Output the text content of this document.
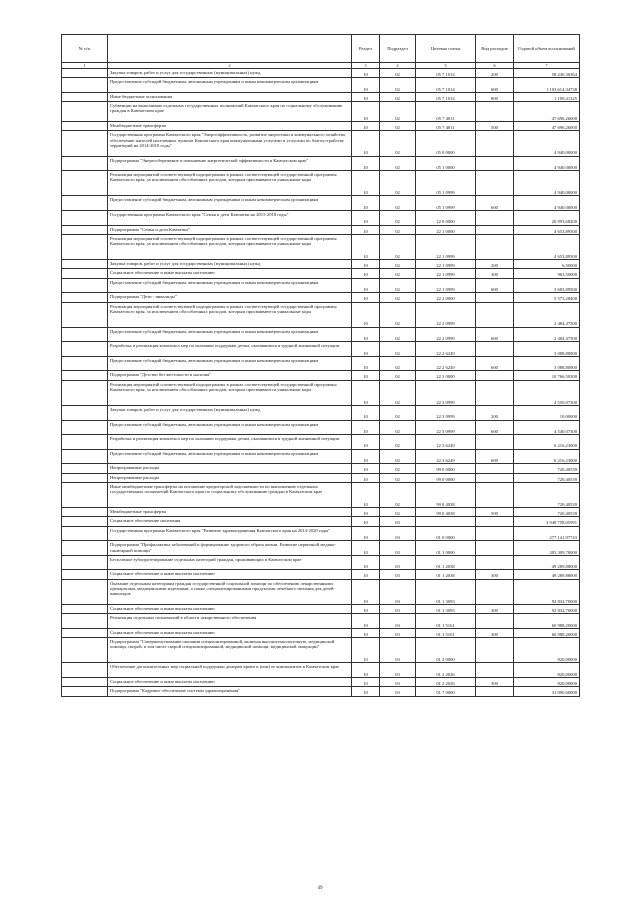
№ п/п		Раздел	Подраздел	Целевая статья	Вид расходов	Годовой объем ассигнований
1	2	3	4	5	6	7
	Закупка товаров, работ и услуг для государственных (муниципальных) нужд	10	02	05 7 1014	200	58 240,30364
	Предоставление субсидий бюджетным, автономным учреждениям и иным некоммерческим организациям	10	02	05 7 1014	600	1 103 614,34738
	Иные бюджетные ассигнования	10	02	05 7 1014	800	1 109,41325
	Субвенции на выполнение отдельных государственных полномочий Камчатского края по социальному обслуживанию граждан в Камчатском крае	10	02	05 7 4011		47 696,26000
	Межбюджетные трансферты	10	02	05 7 4011	500	47 696,26000
	Государственная программа Камчатского края "Энергоэффективность, развитие энергетики и коммунального хозяйства, обеспечение жителей населенных пунктов Камчатского края коммунальными услугами и услугами по благоустройству территорий на 2014-2018 годы"	10	02	05 0 0000		4 940,00000
	Подпрограмма "Энергосбережение и повышение энергетической эффективности в Камчатском крае"	10	02	05 1 0000		4 940,00000
	Реализация мероприятий соответствующей подпрограммы в рамках соответствующей государственной программы Камчатского края, за исключением обособленных расходов, которым присваиваются уникальные коды	10	02	05 1 0999		4 940,00000
	Предоставление субсидий бюджетным, автономным учреждениям и иным некоммерческим организациям	10	02	05 1 0999	600	4 940,00000
	Государственная программа Камчатского края "Семья и дети Камчатки на 2015-2018 годы"	10	02	22 0 0000		20 993,68200
	Подпрограмма "Семья и дети Камчатки"	10	02	22 1 0000		4 653,89500
	Реализация мероприятий соответствующей подпрограммы в рамках соответствующей государственной программы Камчатского края, за исключением обособленных расходов, которым присваиваются уникальные коды	10	02	22 1 0999		4 653,89500
	Закупка товаров, работ и услуг для государственных (муниципальных) нужд	10	02	22 1 0999	200	6,50000
	Социальное обеспечение и иные выплаты населению	10	02	22 1 0999	300	963,50000
	Предоставление субсидий бюджетным, автономным учреждениям и иным некоммерческим организациям	10	02	22 1 0999	600	3 683,89500
	Подпрограмма "Дети - инвалиды"	10	02	22 2 0000		5 573,28400
	Реализация мероприятий соответствующей подпрограммы в рамках соответствующей государственной программы Камчатского края, за исключением обособленных расходов, которым присваиваются уникальные коды	10	02	22 2 0999		2 484,47500
	Предоставление субсидий бюджетным, автономным учреждениям и иным некоммерческим организациям	10	02	22 2 0999	600	2 484,47500
	Разработка и реализация комплекса мер по оказанию поддержки детям, оказавшимся в трудной жизненной ситуации	10	02	22 2 6249		3 088,80900
	Предоставление субсидий бюджетным, автономным учреждениям и иным некоммерческим организациям	10	02	22 2 6249	600	3 088,80900
	Подпрограмма "Детство без жестокости и насилия"	10	02	22 3 0000		10 766,50300
	Реализация мероприятий соответствующей подпрограммы в рамках соответствующей государственной программы Камчатского края, за исключением обособленных расходов, которым присваиваются уникальные коды	10	02	22 3 0999		4 550,07300
	Закупка товаров, работ и услуг для государственных (муниципальных) нужд	10	02	22 3 0999	200	10,00000
	Предоставление субсидий бюджетным, автономным учреждениям и иным некоммерческим организациям	10	02	22 3 0999	600	4 540,07300
	Разработка и реализация комплекса мер по оказанию поддержки детям, оказавшимся в трудной жизненной ситуации	10	02	22 3 6249		6 216,23000
	Предоставление субсидий бюджетным, автономным учреждениям и иным некоммерческим организациям	10	02	22 3 6249	600	6 216,23000
	Непрограммные расходы	10	02	99 0 0000		720,40539
	Непрограммные расходы	10	02	99 0 0000		720,40539
	Иные межбюджетные трансферты на погашение кредиторской задолженности по выполнению отдельных государственных полномочий Камчатского края по социальному обслуживанию граждан в Камчатском крае	10	02	99 0 4038		720,40539
	Межбюджетные трансферты	10	02	99 0 4038	500	720,40539
	Социальное обеспечение населения	10	03			3 948 758,05991
	Государственная программа Камчатского края "Развитие здравоохранения Камчатского края на 2014-2020 годы"	10	03	01 0 0000		277 141,97743
	Подпрограмма "Профилактика заболеваний и формирование здорового образа жизни. Развитие первичной медико-санитарной помощи"	10	03	01 1 0000		203 309,70000
	Бесплатное зубопротезирование отдельных категорий граждан, проживающих в Камчатском крае	10	03	01 1 2038		49 289,88000
	Социальное обеспечение и иные выплаты населению	10	03	01 1 2038	300	49 289,88000
	Оказание отдельным категориям граждан государственной социальной помощи по обеспечению лекарственными препаратами, медицинскими изделиями, а также специализированными продуктами лечебного питания для детей-инвалидов	10	03	01 1 3093		92 832,70000
	Социальное обеспечение и иные выплаты населению	10	03	01 1 3093	300	92 832,70000
	Реализация отдельных полномочий в области лекарственного обеспечения	10	03	01 1 5161		60 988,20000
	Социальное обеспечение и иные выплаты населению	10	03	01 1 5161	300	60 988,20000
	Подпрограмма "Совершенствование оказания специализированной, включая высокотехнологичную, медицинской помощи, скорой, в том числе скорой специализированной, медицинской помощи, медицинской эвакуации"	10	03	01 2 0000		820,00000
	Обеспечение дополнительных мер социальной поддержки донорам крови и (или) ее компонентов в Камчатском крае	10	03	01 2 2026		820,00000
	Социальное обеспечение и иные выплаты населению	10	03	01 2 2026	300	820,00000
	Подпрограмма "Кадровое обеспечение системы здравоохранения"	10	03	01 7 0000		31 090,60000
49
